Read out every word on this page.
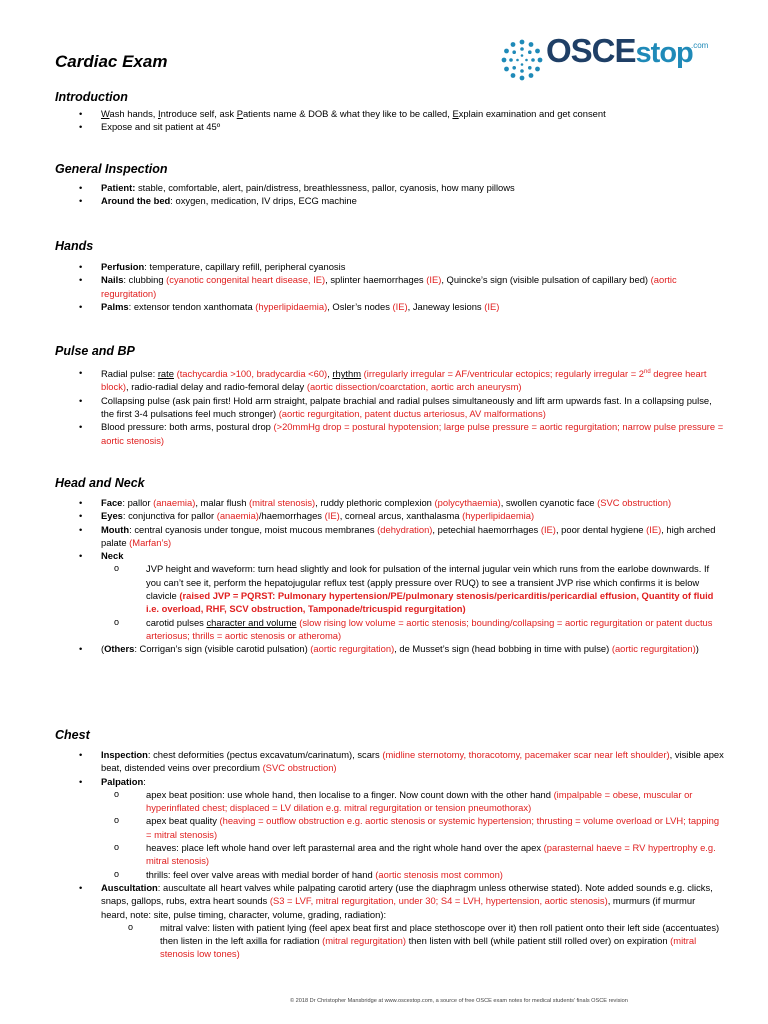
Cardiac Exam	OSCEstop
.com
Introduction
• Wash hands, Introduce self, ask Patients name & DOB & what they like to be called, Explain examination and get consent
• Expose and sit patient at 45º
General Inspection
• Patient: stable, comfortable, alert, pain/distress, breathlessness, pallor, cyanosis, how many pillows
• Around the bed: oxygen, medication, IV drips, ECG machine
Hands
• Perfusion: temperature, capillary refill, peripheral cyanosis
• Nails: clubbing (cyanotic congenital heart disease, IE), splinter haemorrhages (IE), Quincke’s sign (visible pulsation of capillary bed) (aortic regurgitation)
• Palms: extensor tendon xanthomata (hyperlipidaemia), Osler’s nodes (IE), Janeway lesions (IE)
Pulse and BP
• Radial pulse: rate (tachycardia >100, bradycardia <60), rhythm (irregularly irregular = AF/ventricular ectopics; regularly irregular = 2nd degree heart block), radio-radial delay and radio-femoral delay (aortic dissection/coarctation, aortic arch aneurysm)
• Collapsing pulse (ask pain first! Hold arm straight, palpate brachial and radial pulses simultaneously and lift arm upwards fast. In a collapsing pulse, the first 3-4 pulsations feel much stronger) (aortic regurgitation, patent ductus arteriosus, AV malformations)
• Blood pressure: both arms, postural drop (>20mmHg drop = postural hypotension; large pulse pressure = aortic regurgitation; narrow pulse pressure = aortic stenosis)
Head and Neck
• Face: pallor (anaemia), malar flush (mitral stenosis), ruddy plethoric complexion (polycythaemia), swollen cyanotic face (SVC obstruction)
• Eyes: conjunctiva for pallor (anaemia)/haemorrhages (IE), corneal arcus, xanthalasma (hyperlipidaemia)
• Mouth: central cyanosis under tongue, moist mucous membranes (dehydration), petechial haemorrhages (IE), poor dental hygiene (IE), high arched palate (Marfan’s)
• Neck
o JVP height and waveform: turn head slightly and look for pulsation of the internal jugular vein which runs from the earlobe downwards. If you can’t see it, perform the hepatojugular reflux test (apply pressure over RUQ) to see a transient JVP rise which confirms it is below clavicle (raised JVP = PQRST: Pulmonary hypertension/PE/pulmonary stenosis/pericarditis/pericardial effusion, Quantity of fluid i.e. overload, RHF, SCV obstruction, Tamponade/tricuspid regurgitation)
o carotid pulses character and volume (slow rising low volume = aortic stenosis; bounding/collapsing = aortic regurgitation or patent ductus arteriosus; thrills = aortic stenosis or atheroma)
• (Others: Corrigan’s sign (visible carotid pulsation) (aortic regurgitation), de Musset’s sign (head bobbing in time with pulse) (aortic regurgitation))
Chest
• Inspection: chest deformities (pectus excavatum/carinatum), scars (midline sternotomy, thoracotomy, pacemaker scar near left shoulder), visible apex beat, distended veins over precordium (SVC obstruction)
• Palpation:
o apex beat position: use whole hand, then localise to a finger. Now count down with the other hand (impalpable = obese, muscular or hyperinflated chest; displaced = LV dilation e.g. mitral regurgitation or tension pneumothorax)
o apex beat quality (heaving = outflow obstruction e.g. aortic stenosis or systemic hypertension; thrusting = volume overload or LVH; tapping = mitral stenosis)
o heaves: place left whole hand over left parasternal area and the right whole hand over the apex (parasternal haeve = RV hypertrophy e.g. mitral stenosis)
o thrills: feel over valve areas with medial border of hand (aortic stenosis most common)
• Auscultation: auscultate all heart valves while palpating carotid artery (use the diaphragm unless otherwise stated). Note added sounds e.g. clicks, snaps, gallops, rubs, extra heart sounds (S3 = LVF, mitral regurgitation, under 30; S4 = LVH, hypertension, aortic stenosis), murmurs (if murmur heard, note: site, pulse timing, character, volume, grading, radiation):
o mitral valve: listen with patient lying (feel apex beat first and place stethoscope over it) then roll patient onto their left side (accentuates) then listen in the left axilla for radiation (mitral regurgitation) then listen with bell (while patient still rolled over) on expiration (mitral stenosis low tones)
© 2018 Dr Christopher Mansbridge at www.oscestop.com, a source of free OSCE exam notes for medical students' finals OSCE revision
